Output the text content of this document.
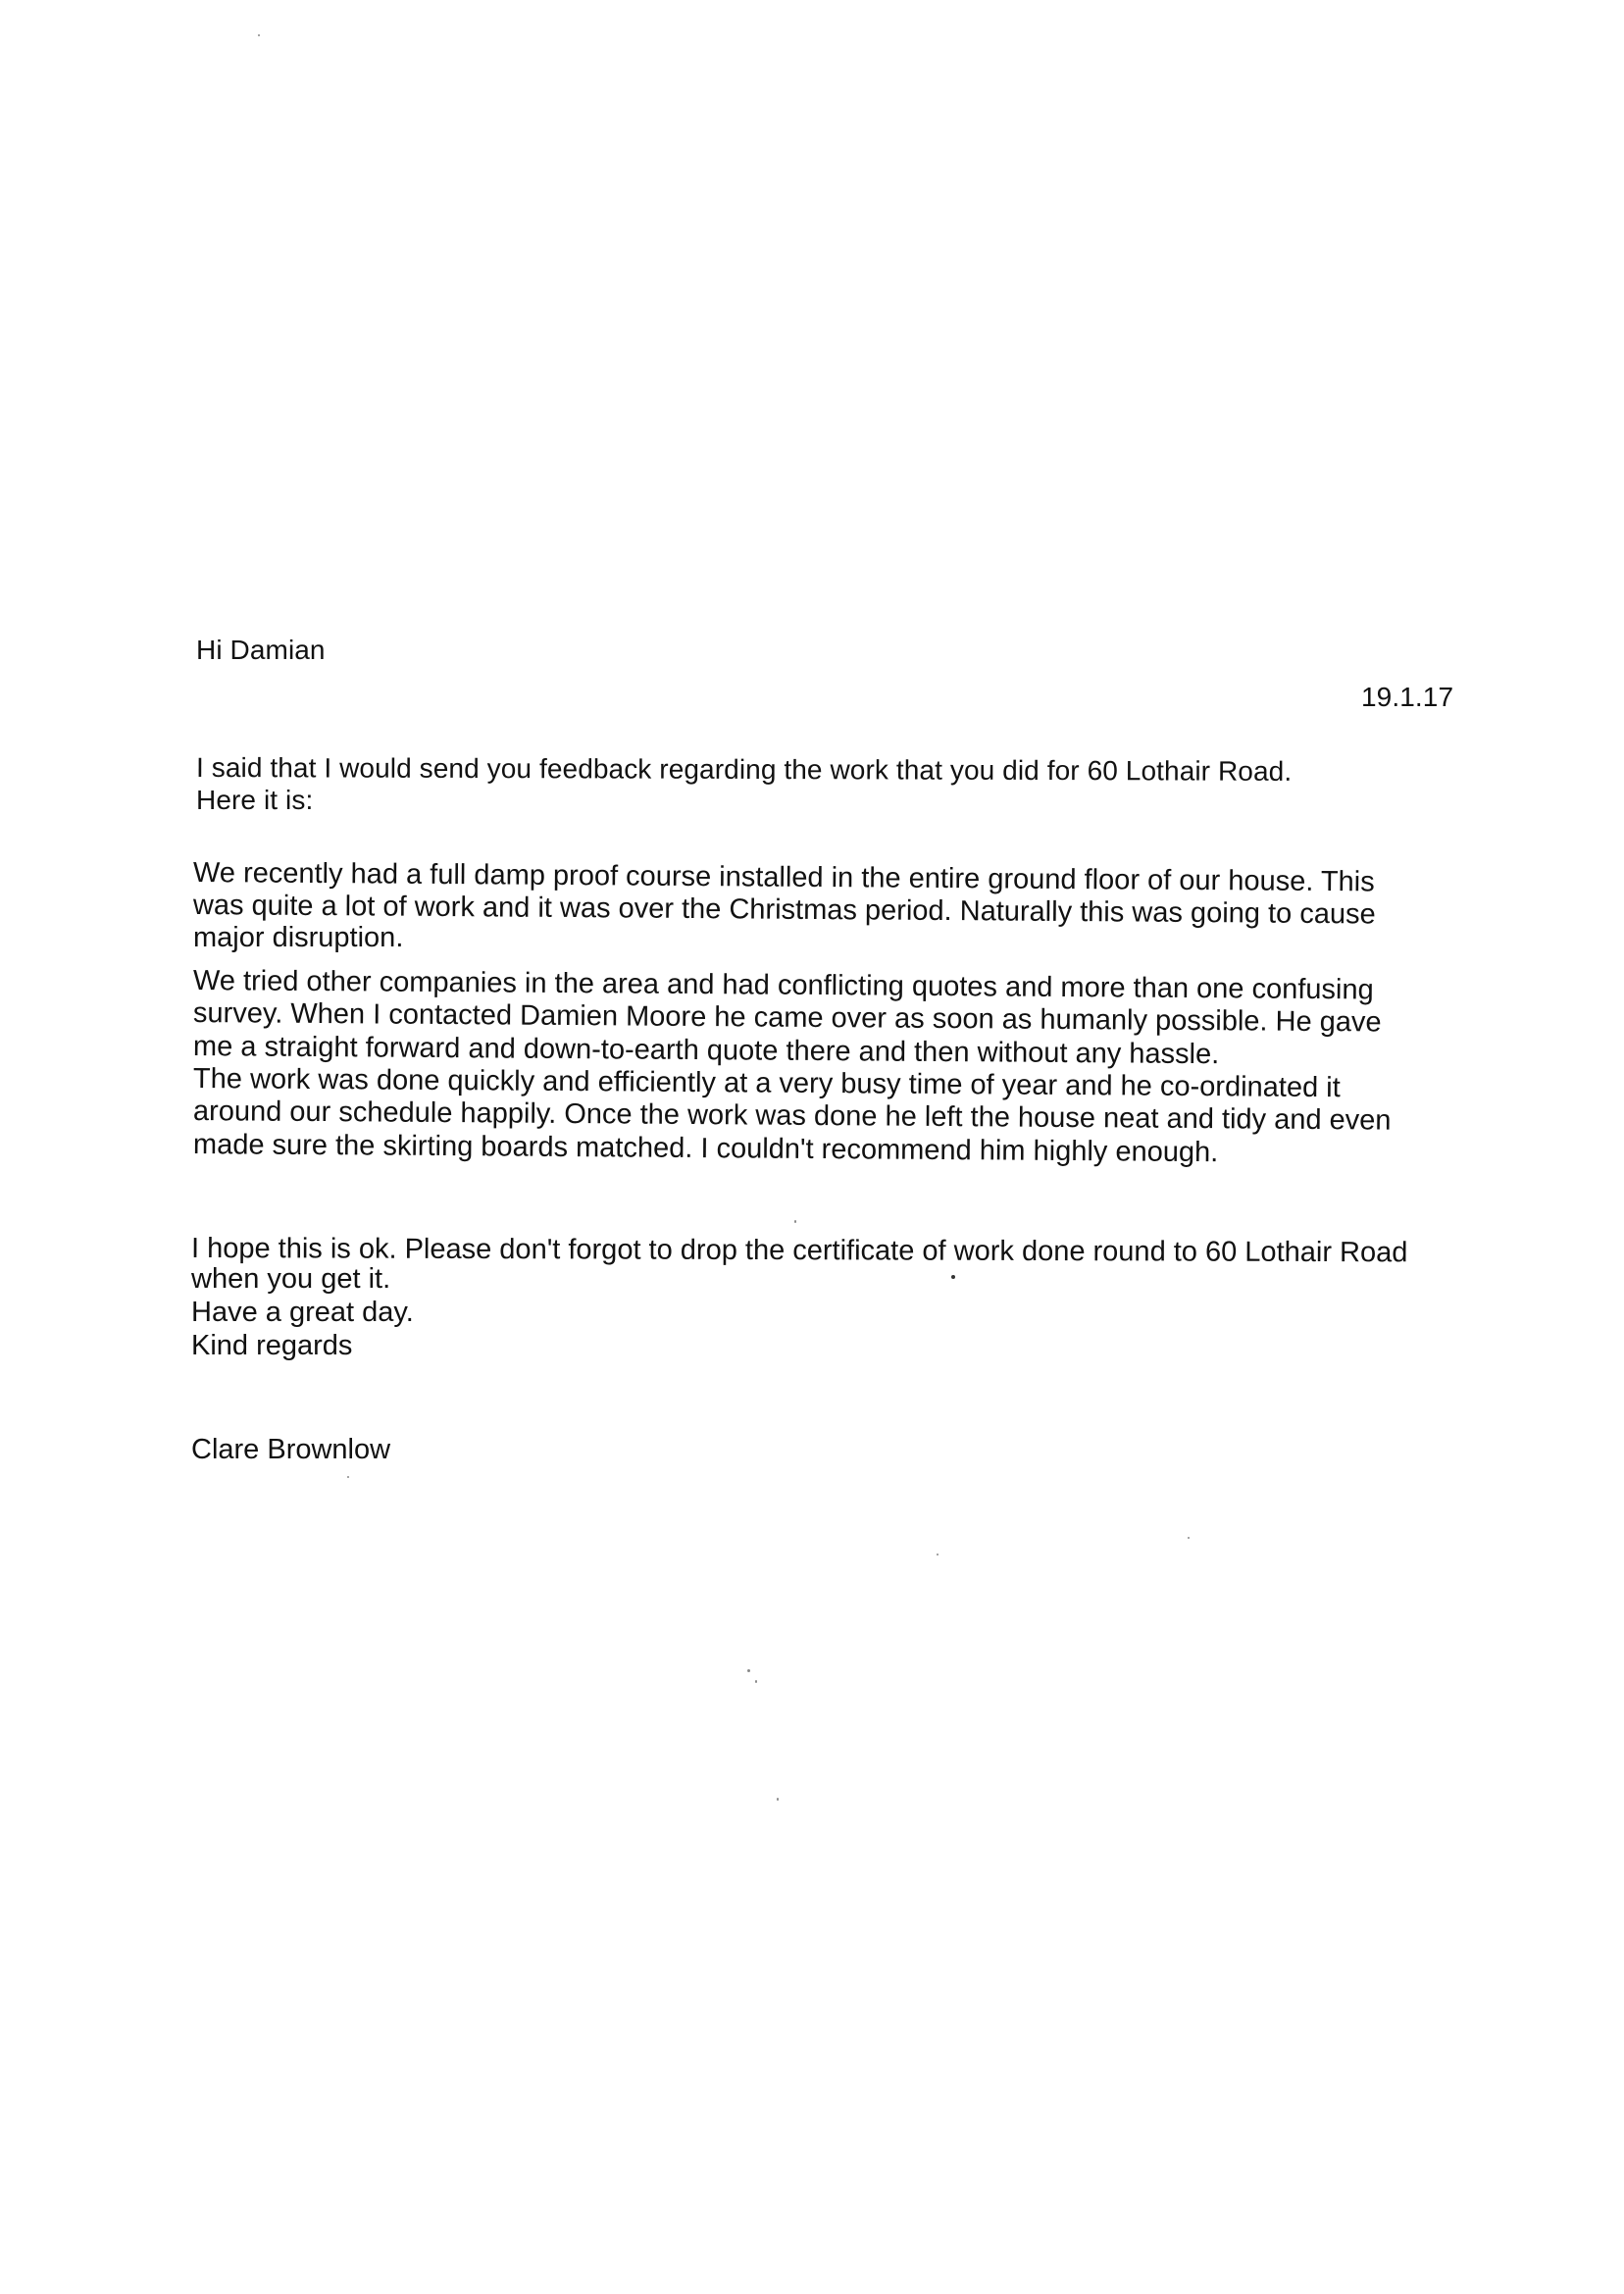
Hi Damian
19.1.17
I said that I would send you feedback regarding the work that you did for 60 Lothair Road.
Here it is:
We recently had a full damp proof course installed in the entire ground floor of our house. This
was quite a lot of work and it was over the Christmas period. Naturally this was going to cause
major disruption.
We tried other companies in the area and had conflicting quotes and more than one confusing
survey. When I contacted Damien Moore he came over as soon as humanly possible. He gave
me a straight forward and down-to-earth quote there and then without any hassle.
The work was done quickly and efficiently at a very busy time of year and he co-ordinated it
around our schedule happily. Once the work was done he left the house neat and tidy and even
made sure the skirting boards matched. I couldn't recommend him highly enough.
I hope this is ok. Please don't forgot to drop the certificate of work done round to 60 Lothair Road
when you get it.
Have a great day.
Kind regards
Clare Brownlow
